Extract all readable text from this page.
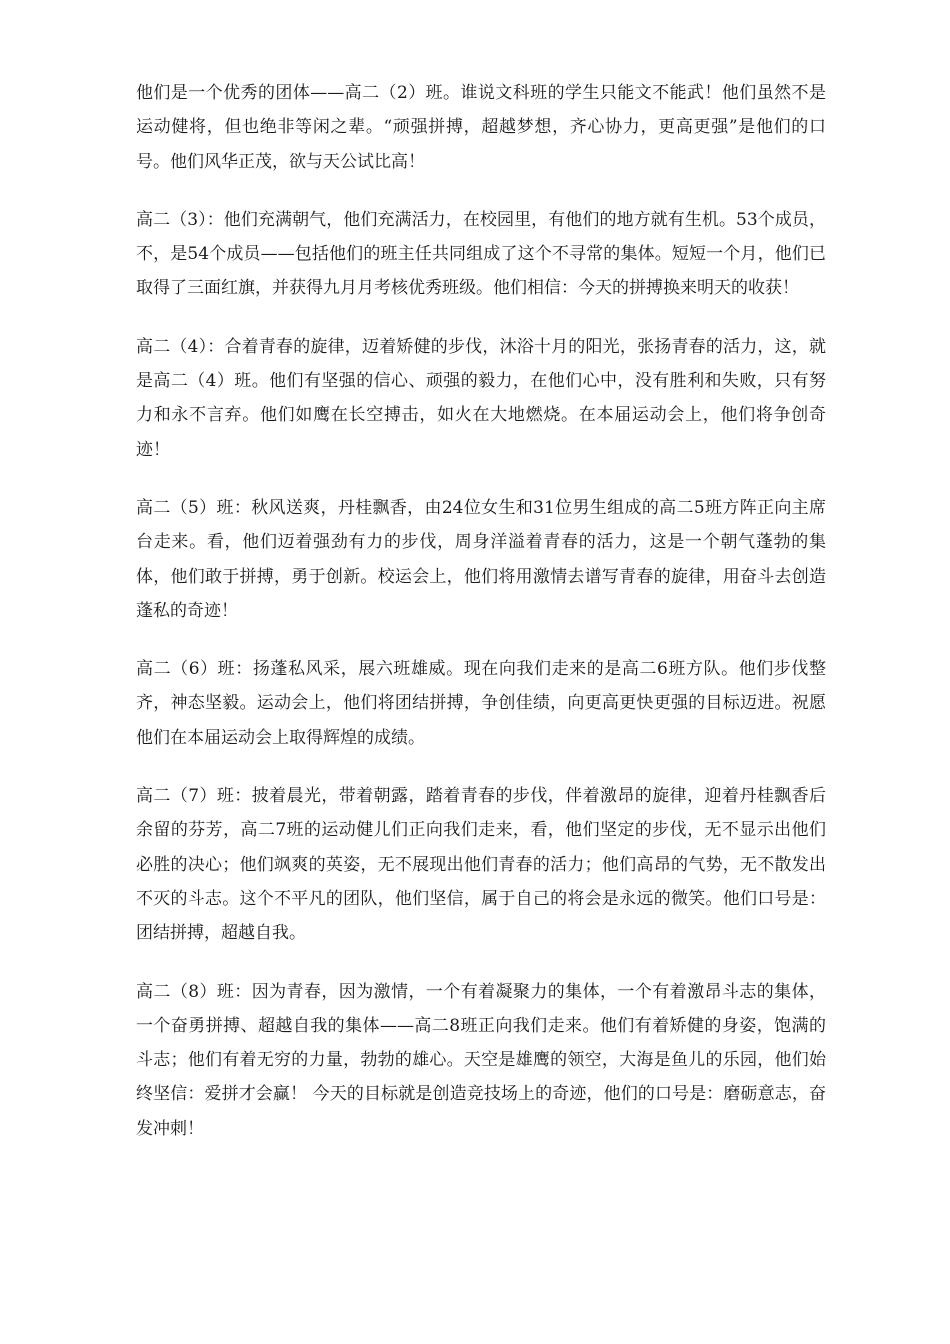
他们是一个优秀的团体——高二（2）班。谁说文科班的学生只能文不能武！他们虽然不是运动健将，但也绝非等闲之辈。“顽强拼搏，超越梦想，齐心协力，更高更强”是他们的口号。他们风华正茂，欲与天公试比高！

高二（3）：他们充满朝气，他们充满活力，在校园里，有他们的地方就有生机。53个成员，不，是54个成员——包括他们的班主任共同组成了这个不寻常的集体。短短一个月，他们已取得了三面红旗，并获得九月月考核优秀班级。他们相信：今天的拼搏换来明天的收获！

高二（4）：合着青春的旋律，迈着矫健的步伐，沐浴十月的阳光，张扬青春的活力，这，就是高二（4）班。他们有坚强的信心、顽强的毅力，在他们心中，没有胜利和失败，只有努力和永不言弃。他们如鹰在长空搏击，如火在大地燃烧。在本届运动会上，他们将争创奇迹！

高二（5）班：秋风送爽，丹桂飘香，由24位女生和31位男生组成的高二5班方阵正向主席台走来。看，他们迈着强劲有力的步伐，周身洋溢着青春的活力，这是一个朝气蓬勃的集体，他们敢于拼搏，勇于创新。校运会上，他们将用激情去谱写青春的旋律，用奋斗去创造蓬私的奇迹！

高二（6）班：扬蓬私风采，展六班雄威。现在向我们走来的是高二6班方队。他们步伐整齐，神态坚毅。运动会上，他们将团结拼搏，争创佳绩，向更高更快更强的目标迈进。祝愿他们在本届运动会上取得辉煌的成绩。

高二（7）班：披着晨光，带着朝露，踏着青春的步伐，伴着激昂的旋律，迎着丹桂飘香后余留的芬芳，高二7班的运动健儿们正向我们走来，看，他们坚定的步伐，无不显示出他们必胜的决心；他们飒爽的英姿，无不展现出他们青春的活力；他们高昂的气势，无不散发出不灭的斗志。这个不平凡的团队，他们坚信，属于自己的将会是永远的微笑。他们口号是：团结拼搏，超越自我。

高二（8）班：因为青春，因为激情，一个有着凝聚力的集体，一个有着激昂斗志的集体，一个奋勇拼搏、超越自我的集体——高二8班正向我们走来。他们有着矫健的身姿，饱满的斗志；他们有着无穷的力量，勃勃的雄心。天空是雄鹰的领空，大海是鱼儿的乐园，他们始终坚信：爱拼才会赢！ 今天的目标就是创造竞技场上的奇迹，他们的口号是：磨砺意志，奋发冲刺！
